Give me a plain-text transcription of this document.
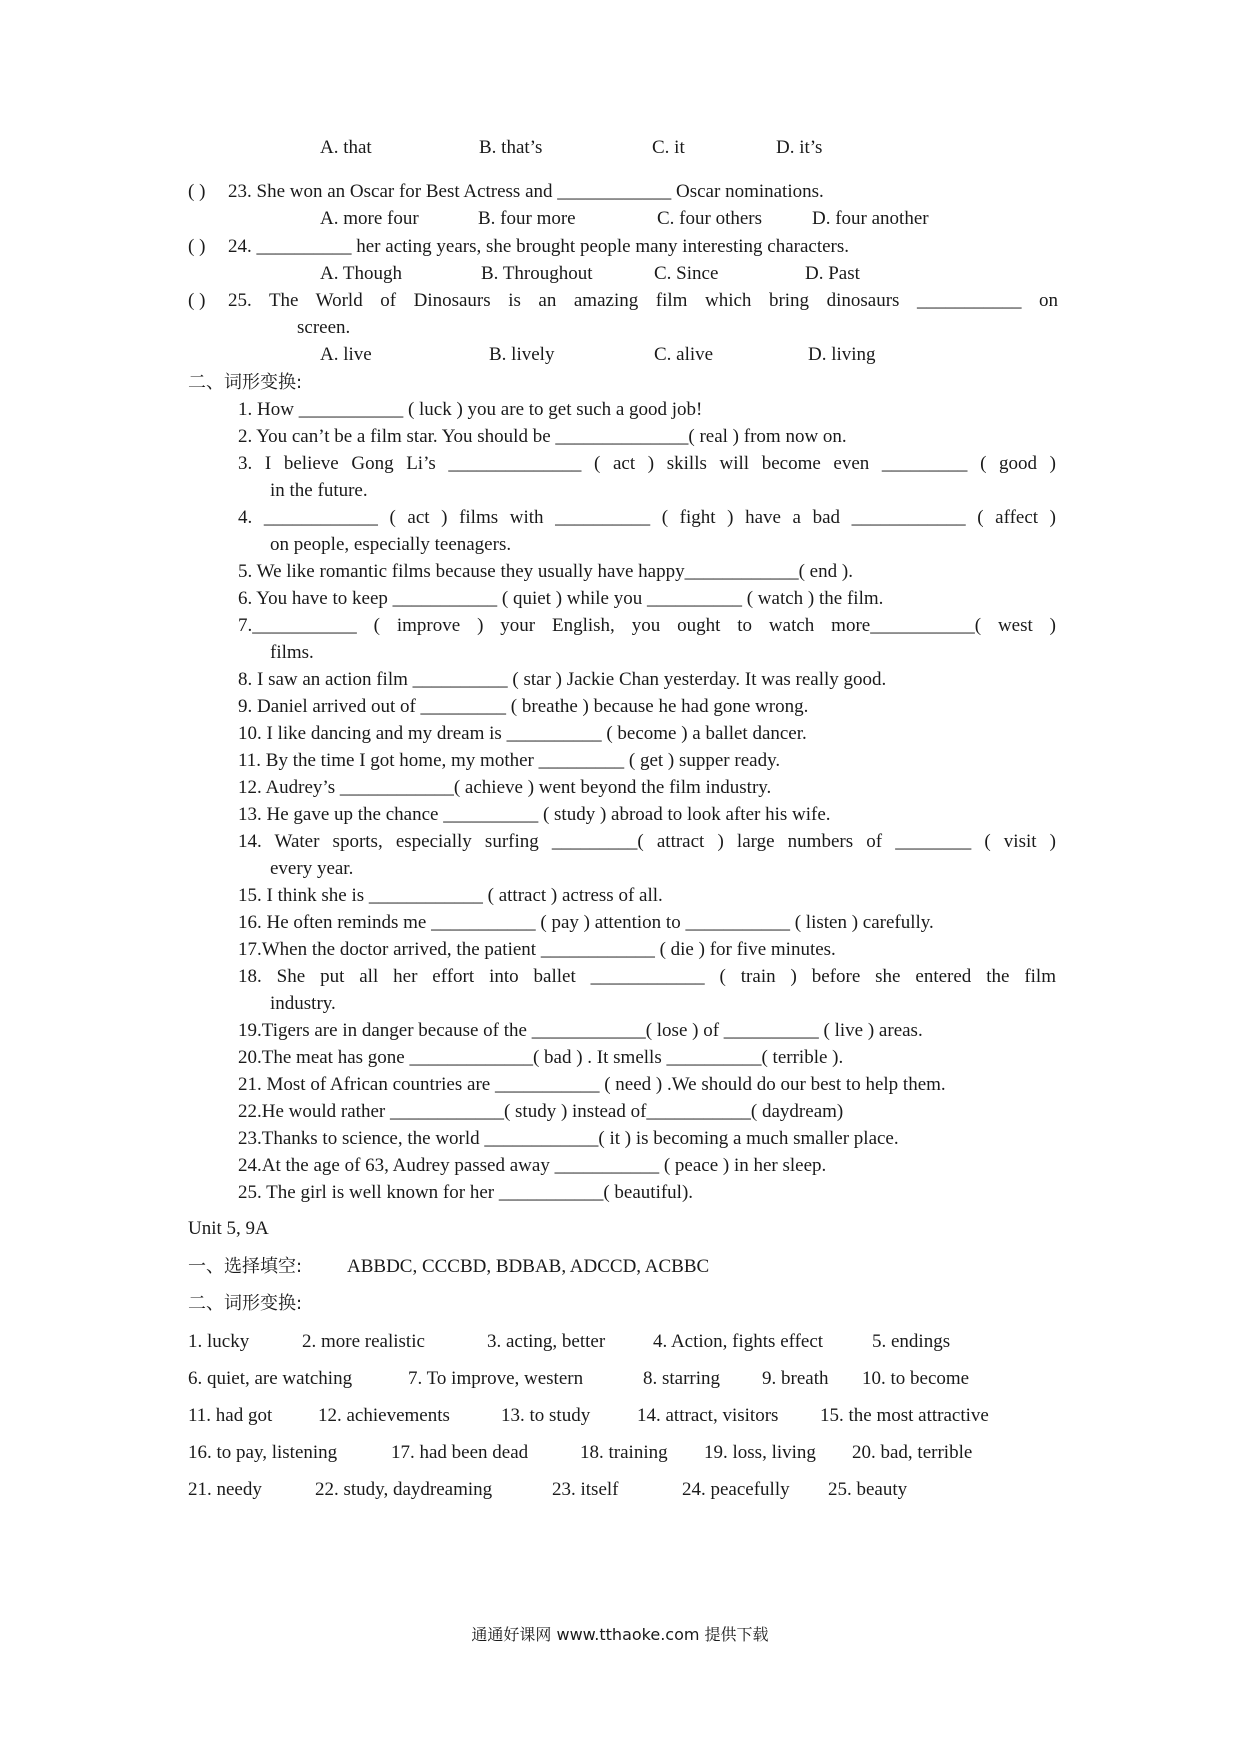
A. that	B. that’s	C. it	D. it’s
( ) 23. She won an Oscar for Best Actress and ____________ Oscar nominations.
A. more four	B. four more	C. four others	D. four another
( ) 24. __________ her acting years, she brought people many interesting characters.
A. Though	B. Throughout	C. Since	D. Past
( ) 25. The World of Dinosaurs is an amazing film which bring dinosaurs ___________ on
screen.
A. live	B. lively	C. alive	D. living
二、词形变换:
1. How ___________ ( luck ) you are to get such a good job!
2. You can’t be a film star. You should be ______________( real ) from now on.
3. I believe Gong Li’s ______________ ( act ) skills will become even _________ ( good )
in the future.
4. ____________ ( act ) films with __________ ( fight ) have a bad ____________ ( affect )
on people, especially teenagers.
5. We like romantic films because they usually have happy____________( end ).
6. You have to keep ___________ ( quiet ) while you __________ ( watch ) the film.
7.___________ ( improve ) your English, you ought to watch more___________( west )
films.
8. I saw an action film __________ ( star ) Jackie Chan yesterday. It was really good.
9. Daniel arrived out of _________ ( breathe ) because he had gone wrong.
10. I like dancing and my dream is __________ ( become ) a ballet dancer.
11. By the time I got home, my mother _________ ( get ) supper ready.
12. Audrey’s ____________( achieve ) went beyond the film industry.
13. He gave up the chance __________ ( study ) abroad to look after his wife.
14. Water sports, especially surfing _________( attract ) large numbers of ________ ( visit )
every year.
15. I think she is ____________ ( attract ) actress of all.
16. He often reminds me ___________ ( pay ) attention to ___________ ( listen ) carefully.
17.When the doctor arrived, the patient ____________ ( die ) for five minutes.
18. She put all her effort into ballet ____________ ( train ) before she entered the film
industry.
19.Tigers are in danger because of the ____________( lose ) of __________ ( live ) areas.
20.The meat has gone _____________( bad ) . It smells __________( terrible ).
21. Most of African countries are ___________ ( need ) .We should do our best to help them.
22.He would rather ____________( study ) instead of___________( daydream)
23.Thanks to science, the world ____________( it ) is becoming a much smaller place.
24.At the age of 63, Audrey passed away ___________ ( peace ) in her sleep.
25. The girl is well known for her ___________( beautiful).
Unit 5, 9A
一、选择填空: ABBDC, CCCBD, BDBAB, ADCCD, ACBBC
二、词形变换:
1. lucky	2. more realistic	3. acting, better	4. Action, fights effect	5. endings
6. quiet, are watching	7. To improve, western	8. starring 9. breath 10. to become
11. had got 12. achievements	13. to study 14. attract, visitors 15. the most attractive
16. to pay, listening	17. had been dead	18. training 19. loss, living 20. bad, terrible
21. needy	22. study, daydreaming	23. itself	24. peacefully 25. beauty
通通好课网 www.tthaoke.com 提供下载
